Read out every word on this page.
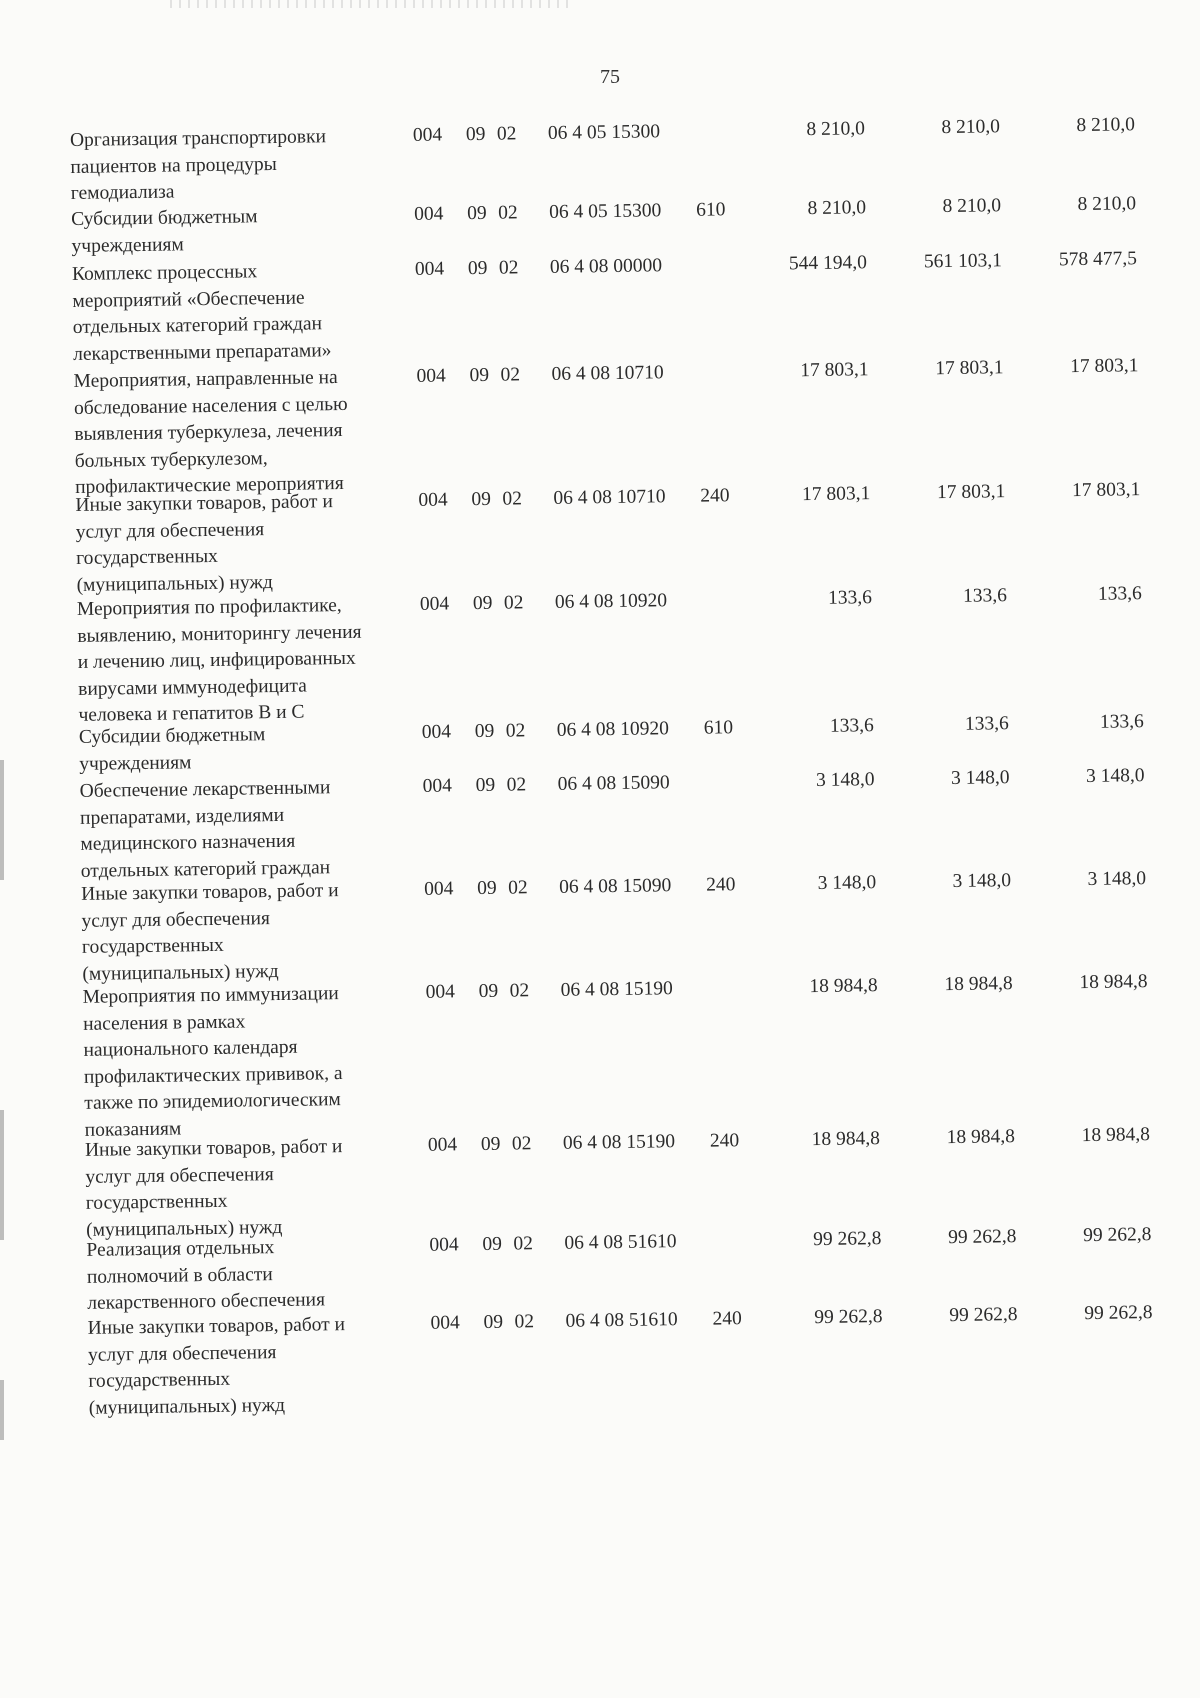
75
Организация транспортировки
пациентов на процедуры
гемодиализа
004 09 02 06 4 05 15300	8 210,0	8 210,0	8 210,0
Субсидии бюджетным
учреждениям
004 09 02 06 4 05 15300 610	8 210,0	8 210,0	8 210,0
Комплекс процессных
мероприятий «Обеспечение
отдельных категорий граждан
лекарственными препаратами»
004 09 02 06 4 08 00000	544 194,0	561 103,1	578 477,5
Мероприятия, направленные на
обследование населения с целью
выявления туберкулеза, лечения
больных туберкулезом,
профилактические мероприятия
004 09 02 06 4 08 10710	17 803,1	17 803,1	17 803,1
Иные закупки товаров, работ и
услуг для обеспечения
государственных
(муниципальных) нужд
004 09 02 06 4 08 10710 240	17 803,1	17 803,1	17 803,1
Мероприятия по профилактике,
выявлению, мониторингу лечения
и лечению лиц, инфицированных
вирусами иммунодефицита
человека и гепатитов В и С
004 09 02 06 4 08 10920	133,6	133,6	133,6
Субсидии бюджетным
учреждениям
004 09 02 06 4 08 10920 610	133,6	133,6	133,6
Обеспечение лекарственными
препаратами, изделиями
медицинского назначения
отдельных категорий граждан
004 09 02 06 4 08 15090	3 148,0	3 148,0	3 148,0
Иные закупки товаров, работ и
услуг для обеспечения
государственных
(муниципальных) нужд
004 09 02 06 4 08 15090 240	3 148,0	3 148,0	3 148,0
Мероприятия по иммунизации
населения в рамках
национального календаря
профилактических прививок, а
также по эпидемиологическим
показаниям
004 09 02 06 4 08 15190	18 984,8	18 984,8	18 984,8
Иные закупки товаров, работ и
услуг для обеспечения
государственных
(муниципальных) нужд
004 09 02 06 4 08 15190 240	18 984,8	18 984,8	18 984,8
Реализация отдельных
полномочий в области
лекарственного обеспечения
004 09 02 06 4 08 51610	99 262,8	99 262,8	99 262,8
Иные закупки товаров, работ и
услуг для обеспечения
государственных
(муниципальных) нужд
004 09 02 06 4 08 51610 240	99 262,8	99 262,8	99 262,8
